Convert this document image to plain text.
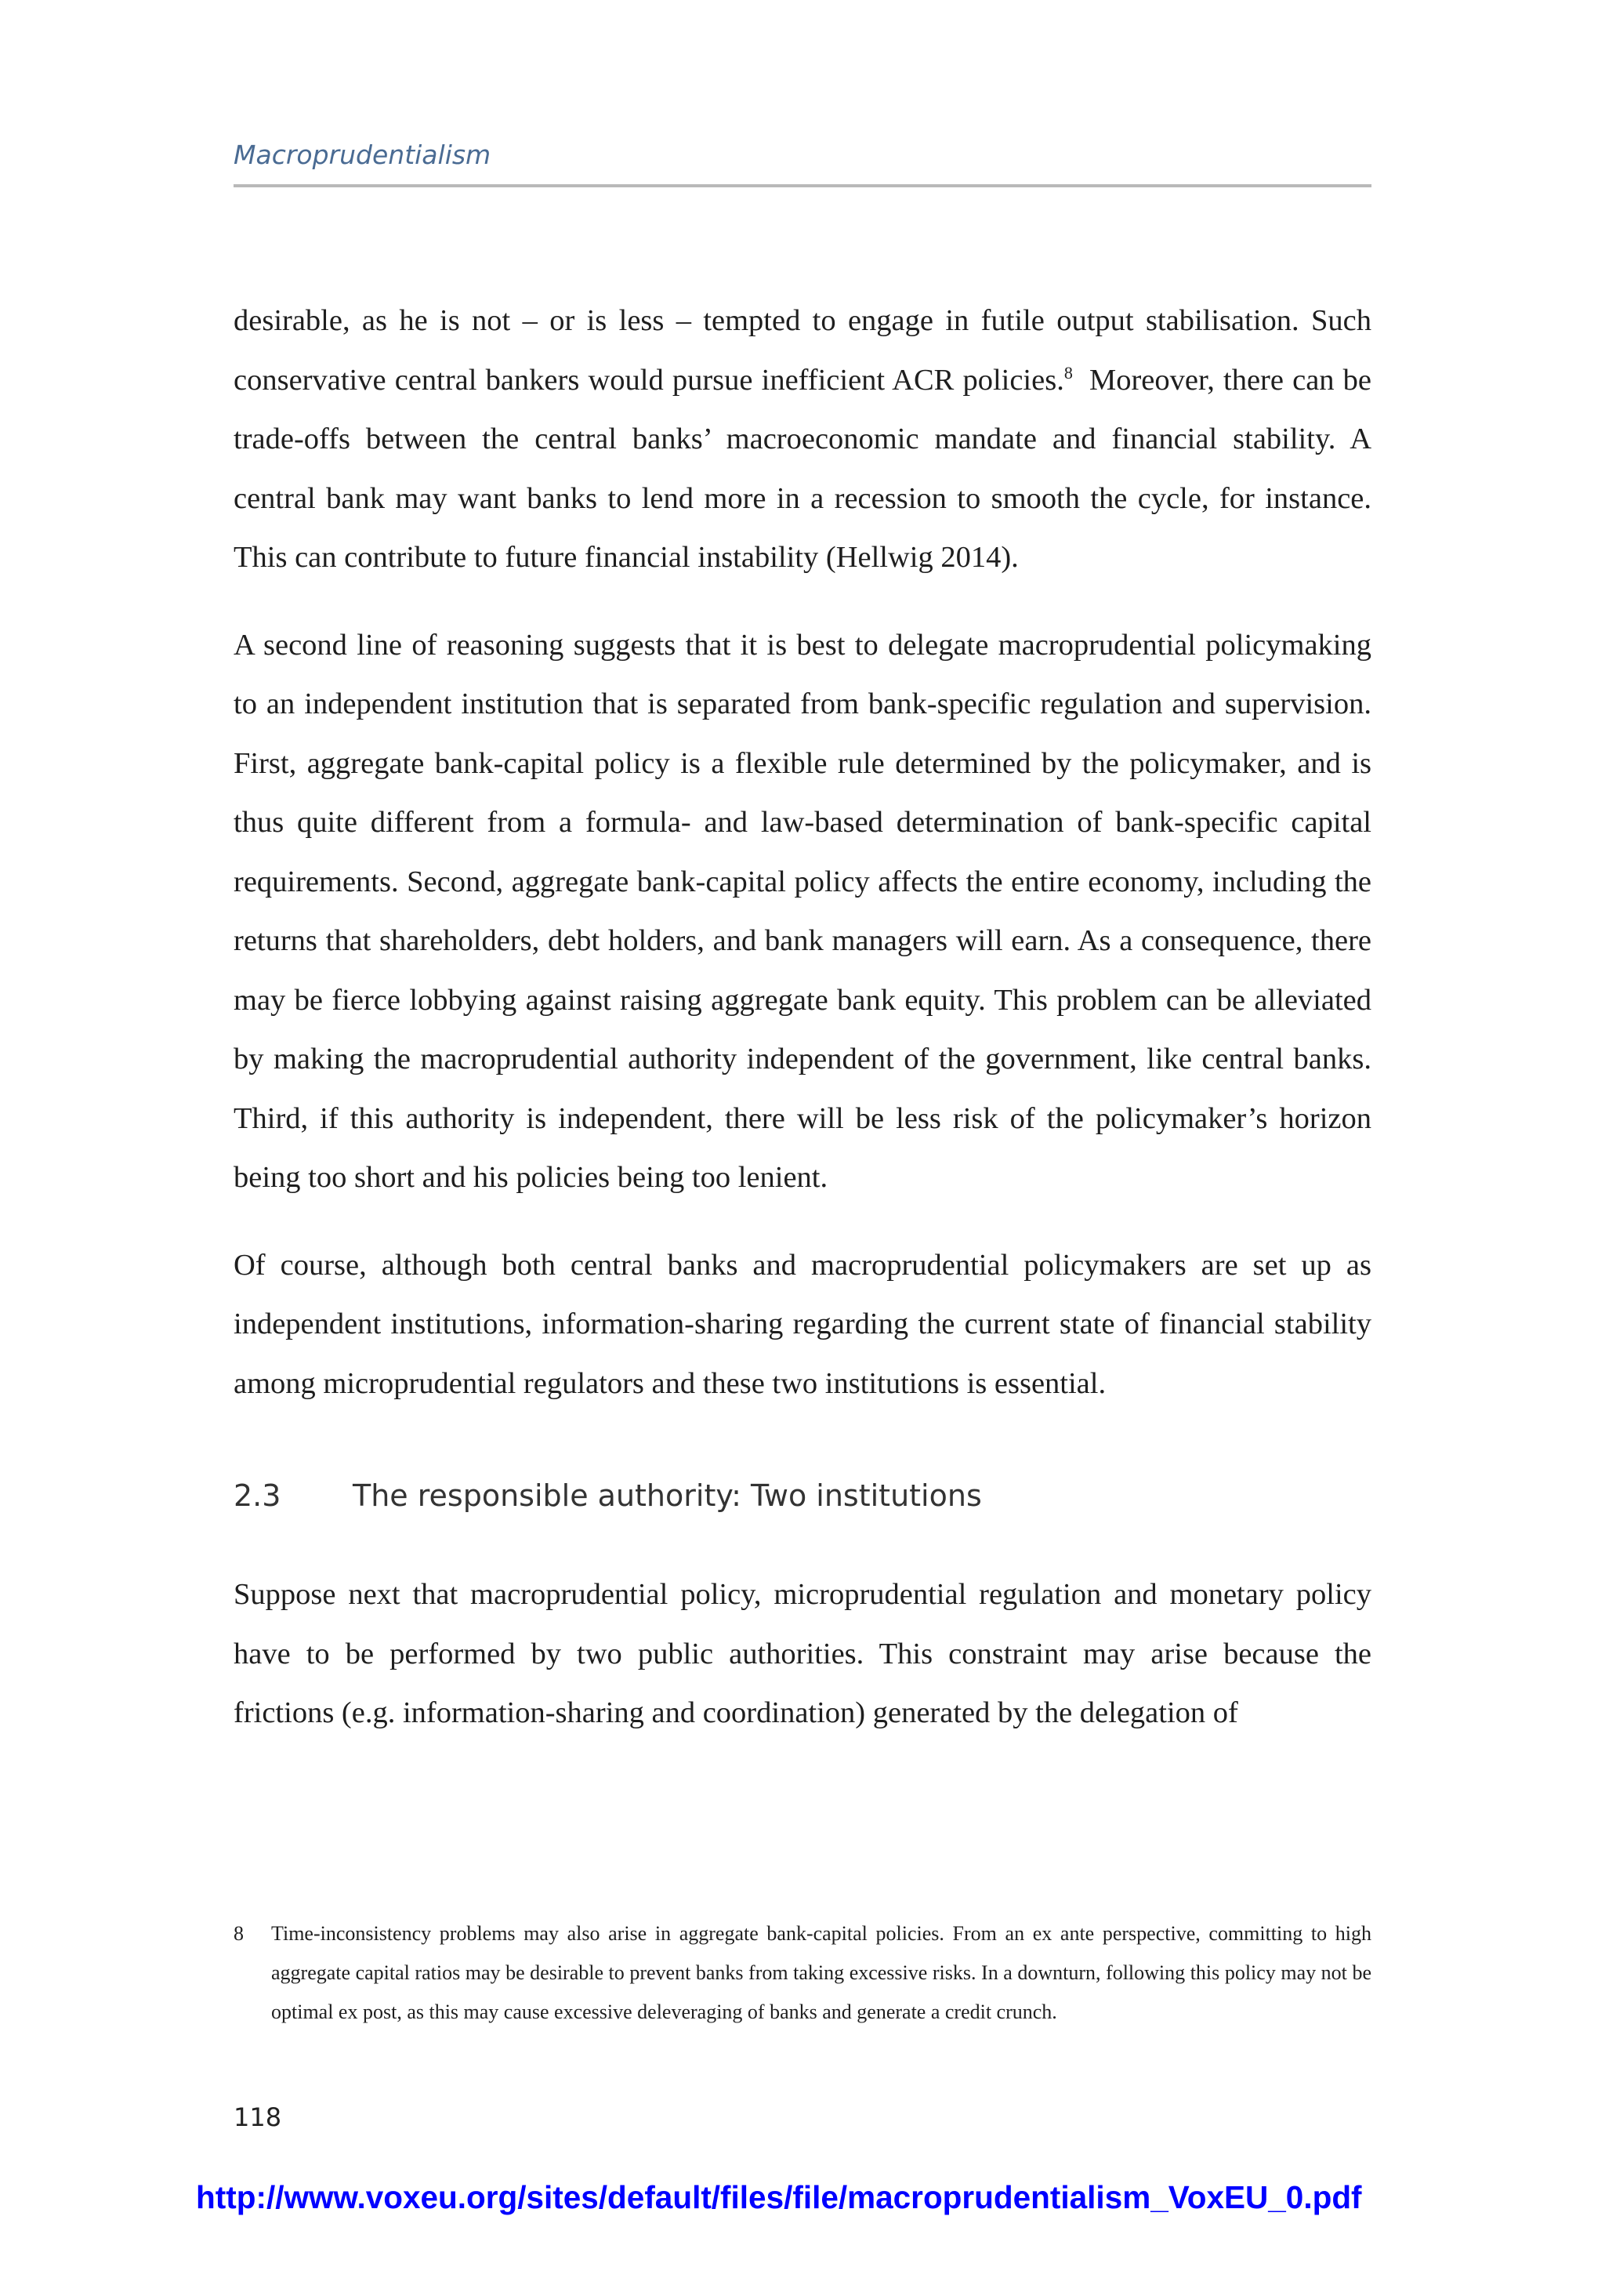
Macroprudentialism

desirable, as he is not – or is less – tempted to engage in futile output stabilisation. Such conservative central bankers would pursue inefficient ACR policies.$^8$ Moreover, there can be trade-offs between the central banks’ macroeconomic mandate and financial stability. A central bank may want banks to lend more in a recession to smooth the cycle, for instance. This can contribute to future financial instability (Hellwig 2014).

A second line of reasoning suggests that it is best to delegate macroprudential policymaking to an independent institution that is separated from bank-specific regulation and supervision. First, aggregate bank-capital policy is a flexible rule determined by the policymaker, and is thus quite different from a formula- and law-based determination of bank-specific capital requirements. Second, aggregate bank-capital policy affects the entire economy, including the returns that shareholders, debt holders, and bank managers will earn. As a consequence, there may be fierce lobbying against raising aggregate bank equity. This problem can be alleviated by making the macroprudential authority independent of the government, like central banks. Third, if this authority is independent, there will be less risk of the policymaker’s horizon being too short and his policies being too lenient.

Of course, although both central banks and macroprudential policymakers are set up as independent institutions, information-sharing regarding the current state of financial stability among microprudential regulators and these two institutions is essential.

2.3 The responsible authority: Two institutions

Suppose next that macroprudential policy, microprudential regulation and monetary policy have to be performed by two public authorities. This constraint may arise because the frictions (e.g. information-sharing and coordination) generated by the delegation of

8 Time-inconsistency problems may also arise in aggregate bank-capital policies. From an ex ante perspective, committing to high aggregate capital ratios may be desirable to prevent banks from taking excessive risks. In a downturn, following this policy may not be optimal ex post, as this may cause excessive deleveraging of banks and generate a credit crunch.
118
http://www.voxeu.org/sites/default/files/file/macroprudentialism_VoxEU_0.pdf
